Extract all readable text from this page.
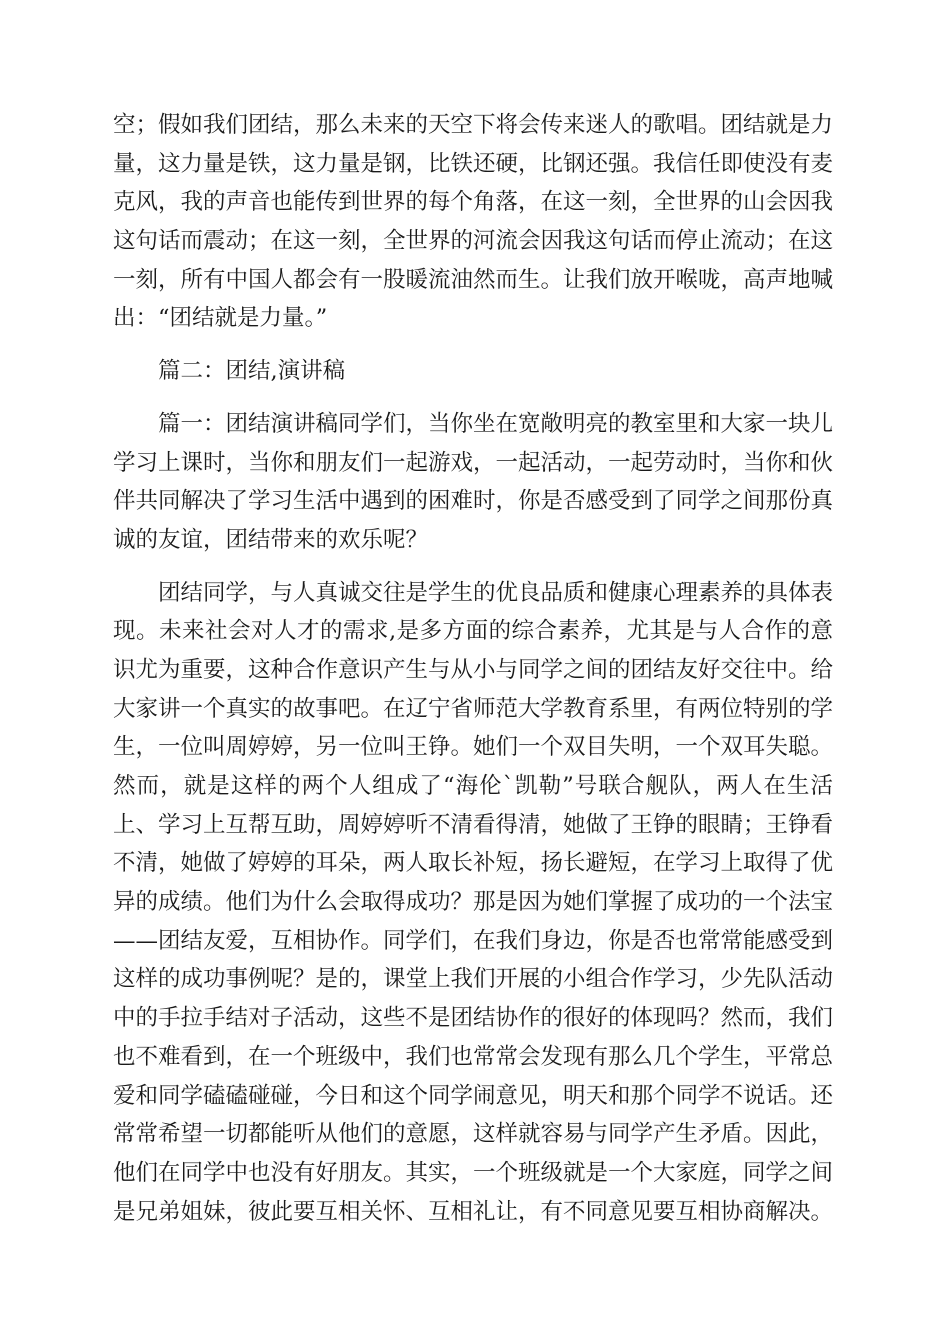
空；假如我们团结，那么未来的天空下将会传来迷人的歌唱。团结就是力
量，这力量是铁，这力量是钢，比铁还硬，比钢还强。我信任即使没有麦
克风，我的声音也能传到世界的每个角落，在这一刻，全世界的山会因我
这句话而震动；在这一刻，全世界的河流会因我这句话而停止流动；在这
一刻，所有中国人都会有一股暖流油然而生。让我们放开喉咙，高声地喊
出：“团结就是力量。”
　　篇二：团结,演讲稿
　　篇一：团结演讲稿同学们，当你坐在宽敞明亮的教室里和大家一块儿
学习上课时，当你和朋友们一起游戏，一起活动，一起劳动时，当你和伙
伴共同解决了学习生活中遇到的困难时，你是否感受到了同学之间那份真
诚的友谊，团结带来的欢乐呢？
　　团结同学，与人真诚交往是学生的优良品质和健康心理素养的具体表
现。未来社会对人才的需求,是多方面的综合素养，尤其是与人合作的意
识尤为重要，这种合作意识产生与从小与同学之间的团结友好交往中。给
大家讲一个真实的故事吧。在辽宁省师范大学教育系里，有两位特别的学
生，一位叫周婷婷，另一位叫王铮。她们一个双目失明，一个双耳失聪。
然而，就是这样的两个人组成了“海伦`凯勒”号联合舰队，两人在生活
上、学习上互帮互助，周婷婷听不清看得清，她做了王铮的眼睛；王铮看
不清，她做了婷婷的耳朵，两人取长补短，扬长避短，在学习上取得了优
异的成绩。他们为什么会取得成功？那是因为她们掌握了成功的一个法宝
——团结友爱，互相协作。同学们，在我们身边，你是否也常常能感受到
这样的成功事例呢？是的，课堂上我们开展的小组合作学习，少先队活动
中的手拉手结对子活动，这些不是团结协作的很好的体现吗？然而，我们
也不难看到，在一个班级中，我们也常常会发现有那么几个学生，平常总
爱和同学磕磕碰碰，今日和这个同学闹意见，明天和那个同学不说话。还
常常希望一切都能听从他们的意愿，这样就容易与同学产生矛盾。因此，
他们在同学中也没有好朋友。其实，一个班级就是一个大家庭，同学之间
是兄弟姐妹，彼此要互相关怀、互相礼让，有不同意见要互相协商解决。
